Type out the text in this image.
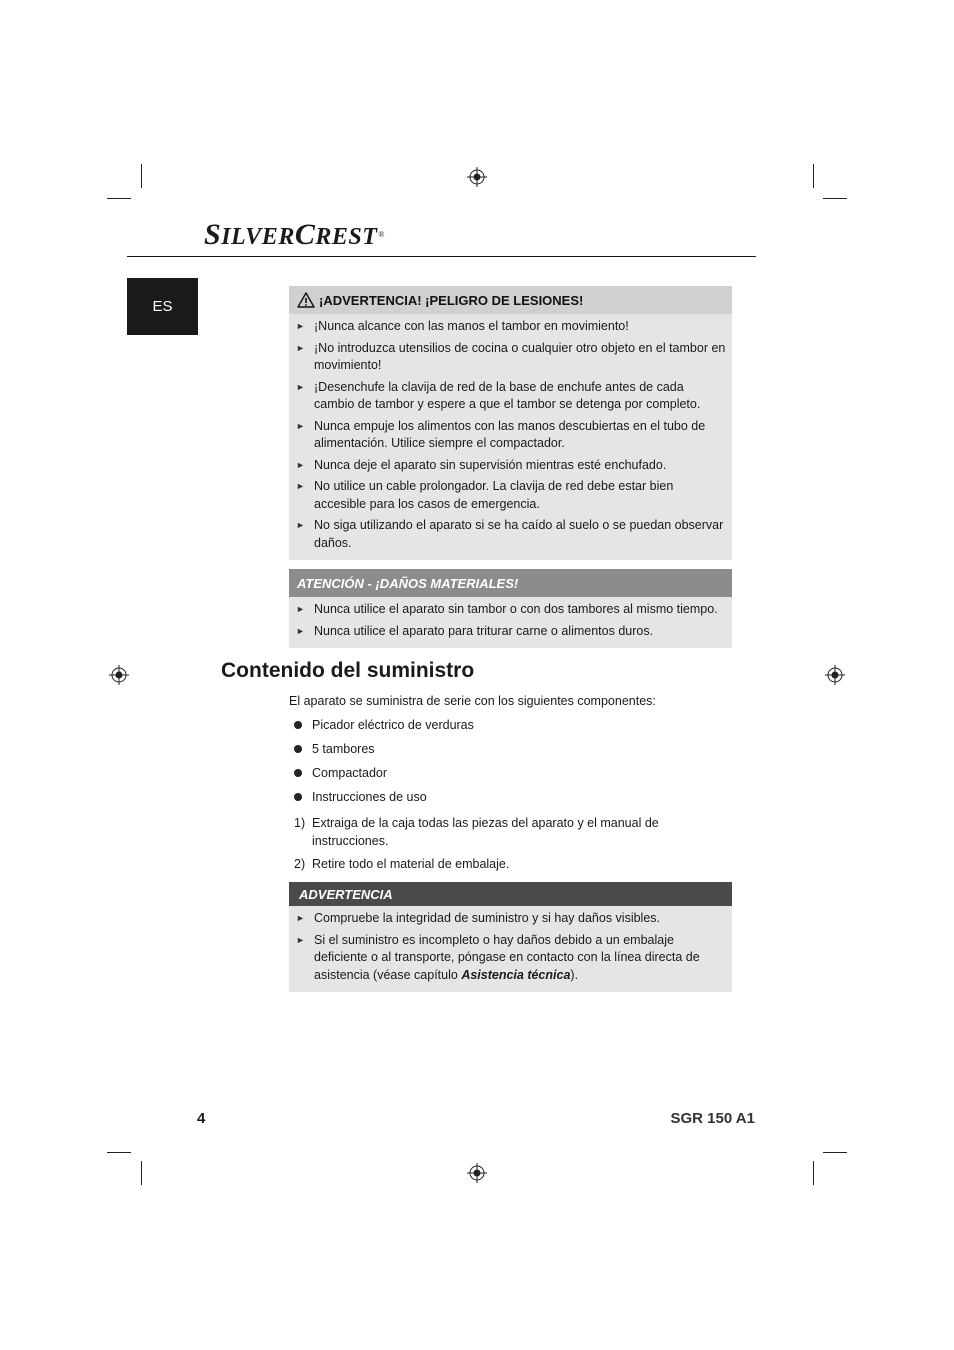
SILVERCREST®
ES	¡ADVERTENCIA! ¡PELIGRO DE LESIONES!
► ¡Nunca alcance con las manos el tambor en movimiento!
► ¡No introduzca utensilios de cocina o cualquier otro objeto en el tambor en movimiento!
► ¡Desenchufe la clavija de red de la base de enchufe antes de cada cambio de tambor y espere a que el tambor se detenga por completo.
► Nunca empuje los alimentos con las manos descubiertas en el tubo de alimentación. Utilice siempre el compactador.
► Nunca deje el aparato sin supervisión mientras esté enchufado.
► No utilice un cable prolongador. La clavija de red debe estar bien accesible para los casos de emergencia.
► No siga utilizando el aparato si se ha caído al suelo o se puedan observar daños.
ATENCIÓN - ¡DAÑOS MATERIALES!
► Nunca utilice el aparato sin tambor o con dos tambores al mismo tiempo.
► Nunca utilice el aparato para triturar carne o alimentos duros.
Contenido del suministro
El aparato se suministra de serie con los siguientes componentes:
Picador eléctrico de verduras
5 tambores
Compactador
Instrucciones de uso
1) Extraiga de la caja todas las piezas del aparato y el manual de instrucciones.
2) Retire todo el material de embalaje.
ADVERTENCIA
► Compruebe la integridad de suministro y si hay daños visibles.
► Si el suministro es incompleto o hay daños debido a un embalaje deficiente o al transporte, póngase en contacto con la línea directa de asistencia (véase capítulo Asistencia técnica).
4	SGR 150 A1
